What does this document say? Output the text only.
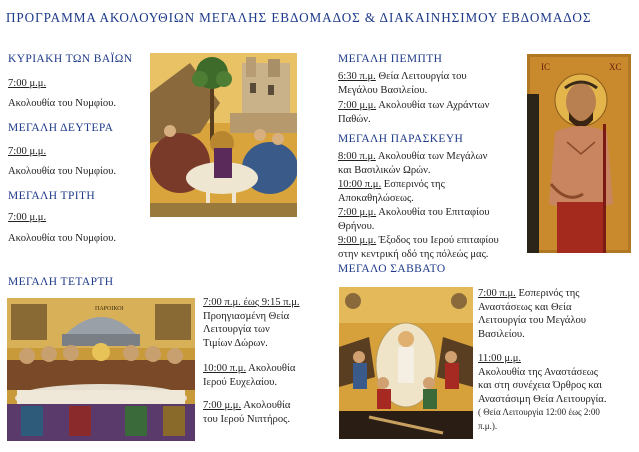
ΠΡΟΓΡΑΜΜΑ ΑΚΟΛΟΥΘΙΩΝ ΜΕΓΑΛΗΣ ΕΒΔΟΜΑΔΟΣ & ΔΙΑΚΑΙΝΗΣΙΜΟΥ ΕΒΔΟΜΑΔΟΣ
ΚΥΡΙΑΚΗ ΤΩΝ ΒΑΪΩΝ
7:00 μ.μ.
Ακολουθία του Νυμφίου.
ΜΕΓΑΛΗ ΔΕΥΤΕΡΑ
7:00 μ.μ.
Ακολουθία του Νυμφίου.
ΜΕΓΑΛΗ ΤΡΙΤΗ
7:00 μ.μ.
Ακολουθία του Νυμφίου.
ΜΕΓΑΛΗ ΤΕΤΑΡΤΗ
7:00 π.μ. έως 9:15 π.μ.
Προηγιασμένη Θεία
Λειτουργία των
Τιμίων Δώρων.
10:00 π.μ. Ακολουθία
Ιερού Ευχελαίου.
7:00 μ.μ. Ακολουθία
του Ιερού Νιπτήρος.
ΜΕΓΑΛΗ ΠΕΜΠΤΗ
6:30 π.μ. Θεία Λειτουργία του
Μεγάλου Βασιλείου.
7:00 μ.μ. Ακολουθία των Αχράντων
Παθών.
ΜΕΓΑΛΗ ΠΑΡΑΣΚΕΥΗ
8:00 π.μ. Ακολουθία των Μεγάλων
και Βασιλικών Ωρών.
10:00 π.μ. Εσπερινός της
Αποκαθηλώσεως.
7:00 μ.μ. Ακολουθία του Επιταφίου
Θρήνου.
9:00 μ.μ. Έξοδος του Ιερού επιταφίου
στην κεντρική οδό της πόλεώς μας.
ΜΕΓΑΛΟ ΣΑΒΒΑΤΟ
7:00 π.μ. Εσπερινός της
Αναστάσεως και Θεία
Λειτουργία του Μεγάλου
Βασιλείου.
11:00 μ.μ.
Ακολουθία της Αναστάσεως
και στη συνέχεια Όρθρος και
Αναστάσιμη Θεία Λειτουργία.
( Θεία Λειτουργία 12:00 έως 2:00
π.μ.).
ΠΑΡΟΙΚΟΙ
IC	XC
